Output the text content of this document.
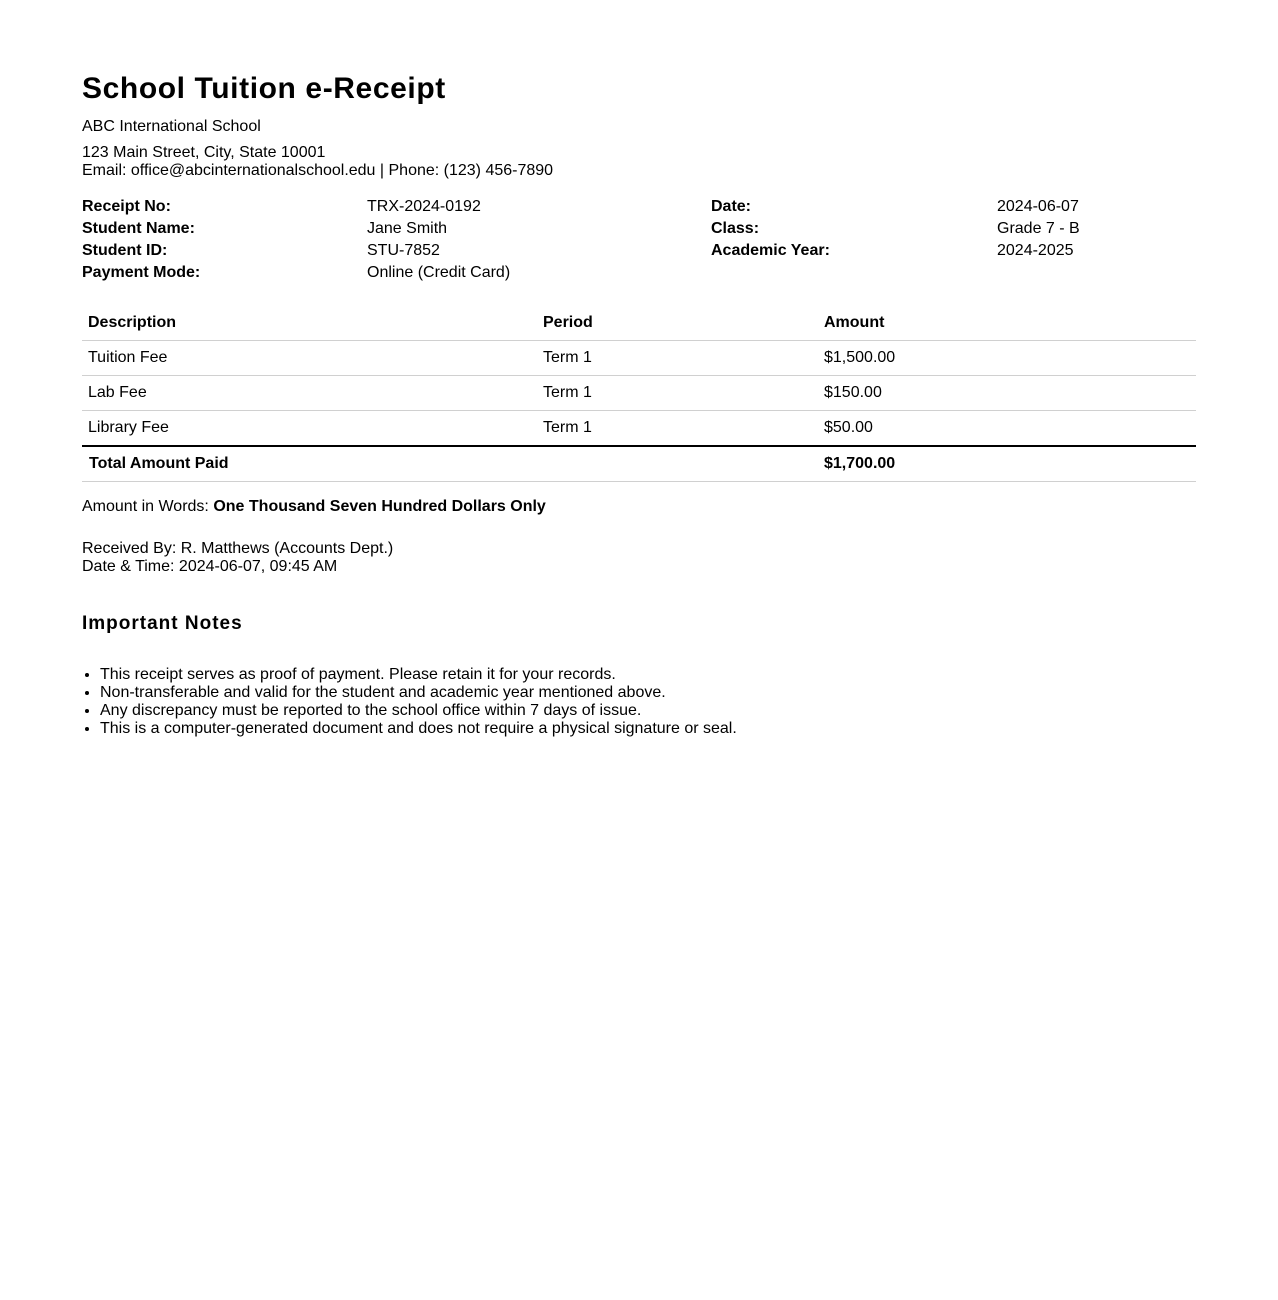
School Tuition e-Receipt
ABC International School
123 Main Street, City, State 10001
Email: office@abcinternationalschool.edu | Phone: (123) 456-7890
Receipt No:	TRX-2024-0192	Date:	2024-06-07
Student Name:	Jane Smith	Class:	Grade 7 - B
Student ID:	STU-7852	Academic Year:	2024-2025
Payment Mode:	Online (Credit Card)		
Description	Period	Amount
Tuition Fee	Term 1	$1,500.00
Lab Fee	Term 1	$150.00
Library Fee	Term 1	$50.00
Total Amount Paid		$1,700.00
Amount in Words: One Thousand Seven Hundred Dollars Only
Received By: R. Matthews (Accounts Dept.)
Date & Time: 2024-06-07, 09:45 AM
Important Notes
• This receipt serves as proof of payment. Please retain it for your records.
• Non-transferable and valid for the student and academic year mentioned above.
• Any discrepancy must be reported to the school office within 7 days of issue.
• This is a computer-generated document and does not require a physical signature or seal.
